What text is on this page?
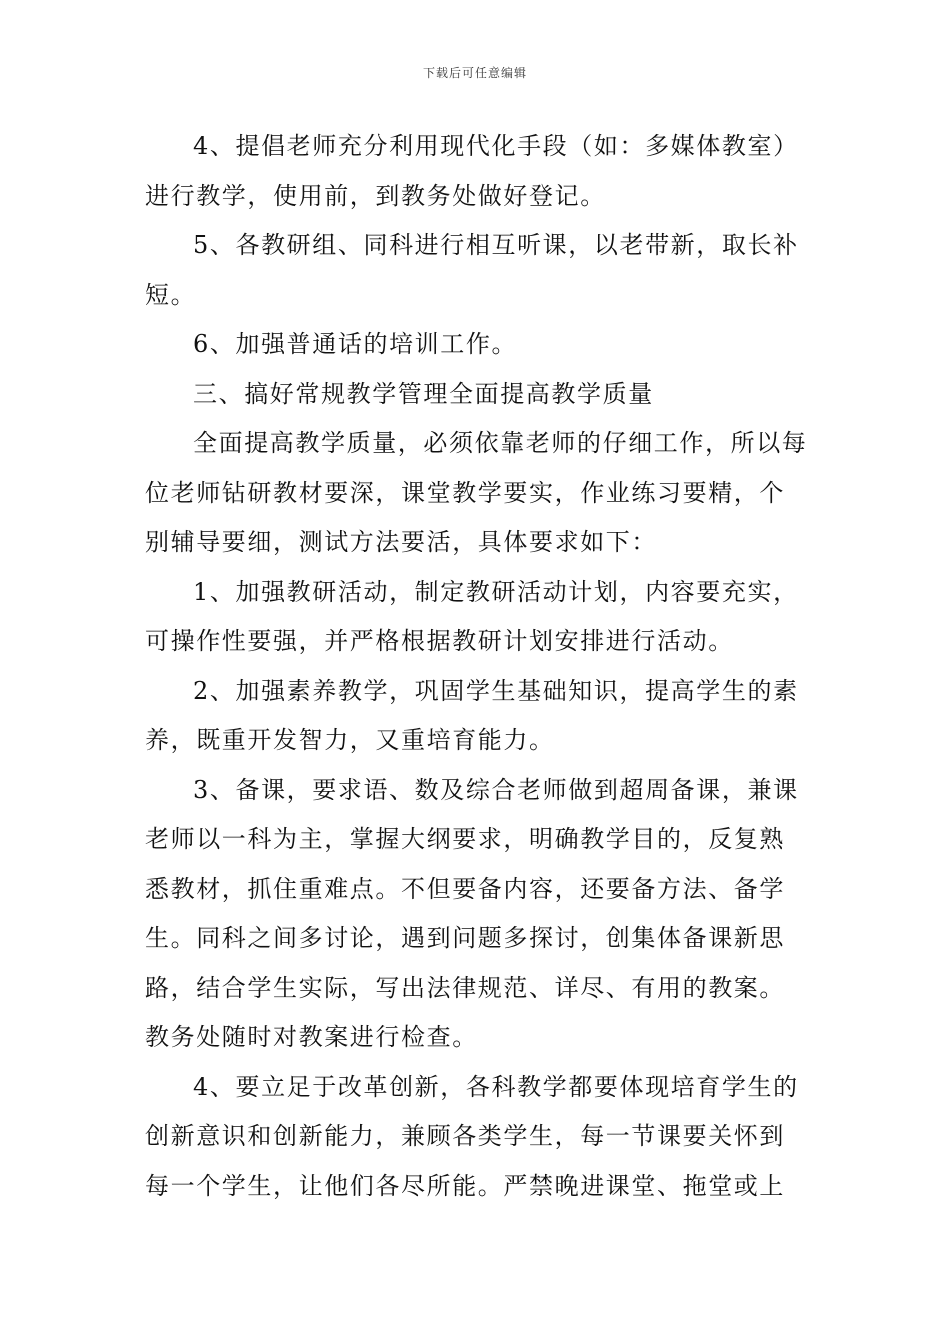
下载后可任意编辑

4、提倡老师充分利用现代化手段（如：多媒体教室）进行教学，使用前，到教务处做好登记。

5、各教研组、同科进行相互听课，以老带新，取长补短。

6、加强普通话的培训工作。

三、搞好常规教学管理全面提高教学质量

全面提高教学质量，必须依靠老师的仔细工作，所以每位老师钻研教材要深，课堂教学要实，作业练习要精，个别辅导要细，测试方法要活，具体要求如下：

1、加强教研活动，制定教研活动计划，内容要充实，可操作性要强，并严格根据教研计划安排进行活动。

2、加强素养教学，巩固学生基础知识，提高学生的素养，既重开发智力，又重培育能力。

3、备课，要求语、数及综合老师做到超周备课，兼课老师以一科为主，掌握大纲要求，明确教学目的，反复熟悉教材，抓住重难点。不但要备内容，还要备方法、备学生。同科之间多讨论，遇到问题多探讨，创集体备课新思路，结合学生实际，写出法律规范、详尽、有用的教案。教务处随时对教案进行检查。

4、要立足于改革创新，各科教学都要体现培育学生的创新意识和创新能力，兼顾各类学生，每一节课要关怀到每一个学生，让他们各尽所能。严禁晚进课堂、拖堂或上
